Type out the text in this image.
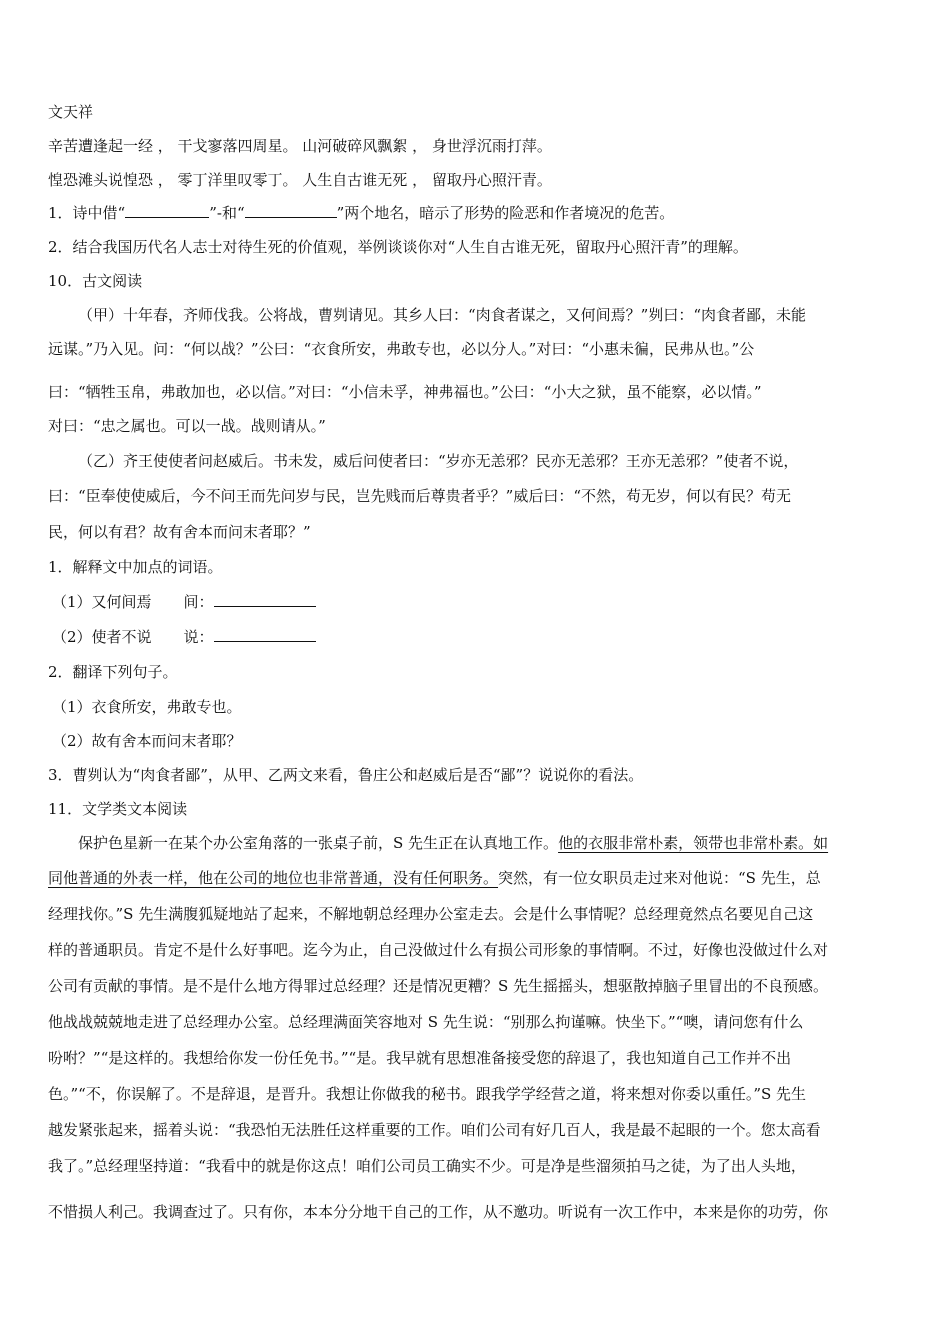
文天祥
辛苦遭逢起一经 ， 干戈寥落四周星。 山河破碎风飘絮 ， 身世浮沉雨打萍。
惶恐滩头说惶恐 ， 零丁洋里叹零丁。 人生自古谁无死 ， 留取丹心照汗青。
1．诗中借“	”-和“	”两个地名，暗示了形势的险恶和作者境况的危苦。
2．结合我国历代名人志士对待生死的价值观，举例谈谈你对“人生自古谁无死，留取丹心照汗青”的理解。
10．古文阅读
（甲）十年春，齐师伐我。公将战，曹刿请见。其乡人曰：“肉食者谋之，又何间焉？”刿曰：“肉食者鄙，未能
远谋。”乃入见。问：“何以战？”公曰：“衣食所安，弗敢专也，必以分人。”对曰：“小惠未徧，民弗从也。”公
曰：“牺牲玉帛，弗敢加也，必以信。”对曰：“小信未孚，神弗福也。”公曰：“小大之狱，虽不能察，必以情。”
对曰：“忠之属也。可以一战。战则请从。”
（乙）齐王使使者问赵威后。书未发，威后问使者曰：“岁亦无恙邪？民亦无恙邪？王亦无恙邪？”使者不说，
曰：“臣奉使使威后，今不问王而先问岁与民，岂先贱而后尊贵者乎？”威后曰：“不然，苟无岁，何以有民？苟无
民，何以有君？故有舍本而问末者耶？”
1．解释文中加点的词语。
（1）又何间焉 间：
（2）使者不说 说：
2．翻译下列句子。
（1）衣食所安，弗敢专也。
（2）故有舍本而问末者耶？
3．曹刿认为“肉食者鄙”，从甲、乙两文来看，鲁庄公和赵威后是否“鄙”？说说你的看法。
11．文学类文本阅读
保护色星新一在某个办公室角落的一张桌子前，S 先生正在认真地工作。他的衣服非常朴素，领带也非常朴素。如
同他普通的外表一样，他在公司的地位也非常普通，没有任何职务。突然，有一位女职员走过来对他说：“S 先生，总
经理找你。”S 先生满腹狐疑地站了起来，不解地朝总经理办公室走去。会是什么事情呢？总经理竟然点名要见自己这
样的普通职员。肯定不是什么好事吧。迄今为止，自己没做过什么有损公司形象的事情啊。不过，好像也没做过什么对
公司有贡献的事情。是不是什么地方得罪过总经理？还是情况更糟？S 先生摇摇头，想驱散掉脑子里冒出的不良预感。
他战战兢兢地走进了总经理办公室。总经理满面笑容地对 S 先生说：“别那么拘谨嘛。快坐下。”“噢，请问您有什么
吩咐？”“是这样的。我想给你发一份任免书。”“是。我早就有思想准备接受您的辞退了，我也知道自己工作并不出
色。”“不，你误解了。不是辞退，是晋升。我想让你做我的秘书。跟我学学经营之道，将来想对你委以重任。”S 先生
越发紧张起来，摇着头说：“我恐怕无法胜任这样重要的工作。咱们公司有好几百人，我是最不起眼的一个。您太高看
我了。”总经理坚持道：“我看中的就是你这点！咱们公司员工确实不少。可是净是些溜须拍马之徒，为了出人头地，
不惜损人利己。我调查过了。只有你，本本分分地干自己的工作，从不邀功。听说有一次工作中，本来是你的功劳，你
